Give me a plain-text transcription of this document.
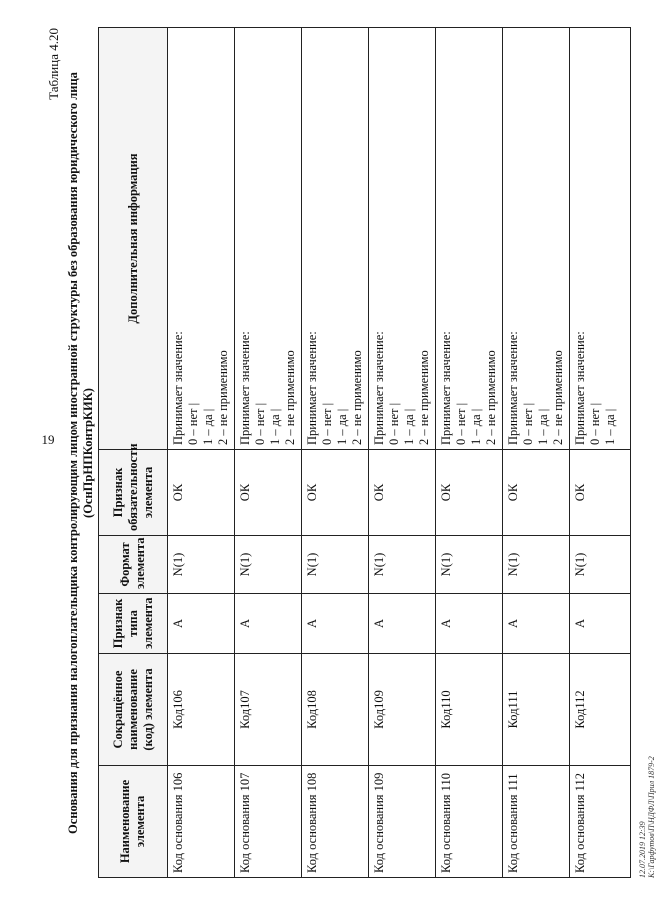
19
Таблица 4.20
Основания для признания налогоплательщика контролирующим лицом иностранной структуры без образования юридического лица (ОснПрНПКонтрКИК)
Наименование элемента	Сокращённое наименование (код) элемента	Признак типа элемента	Формат элемента	Признак обязательности элемента	Дополнительная информация
Код основания 106	Код106	А	N(1)	ОК	Принимает значение: 0 – нет | 1 – да | 2 – не применимо

Код основания 107	Код107	А	N(1)	ОК	Принимает значение: 0 – нет | 1 – да | 2 – не применимо

Код основания 108	Код108	А	N(1)	ОК	Принимает значение: 0 – нет | 1 – да | 2 – не применимо

Код основания 109	Код109	А	N(1)	ОК	Принимает значение: 0 – нет | 1 – да | 2 – не применимо

Код основания 110	Код110	А	N(1)	ОК	Принимает значение: 0 – нет | 1 – да | 2 – не применимо

Код основания 111	Код111	А	N(1)	ОК	Принимает значение: 0 – нет | 1 – да | 2 – не применимо

Код основания 112	Код112	А	N(1)	ОК	Принимает значение: 0 – нет | 1 – да |
12.07.2019 12:39 К:\Гарфутов\П\НДФЛ\Прил 1879-2
